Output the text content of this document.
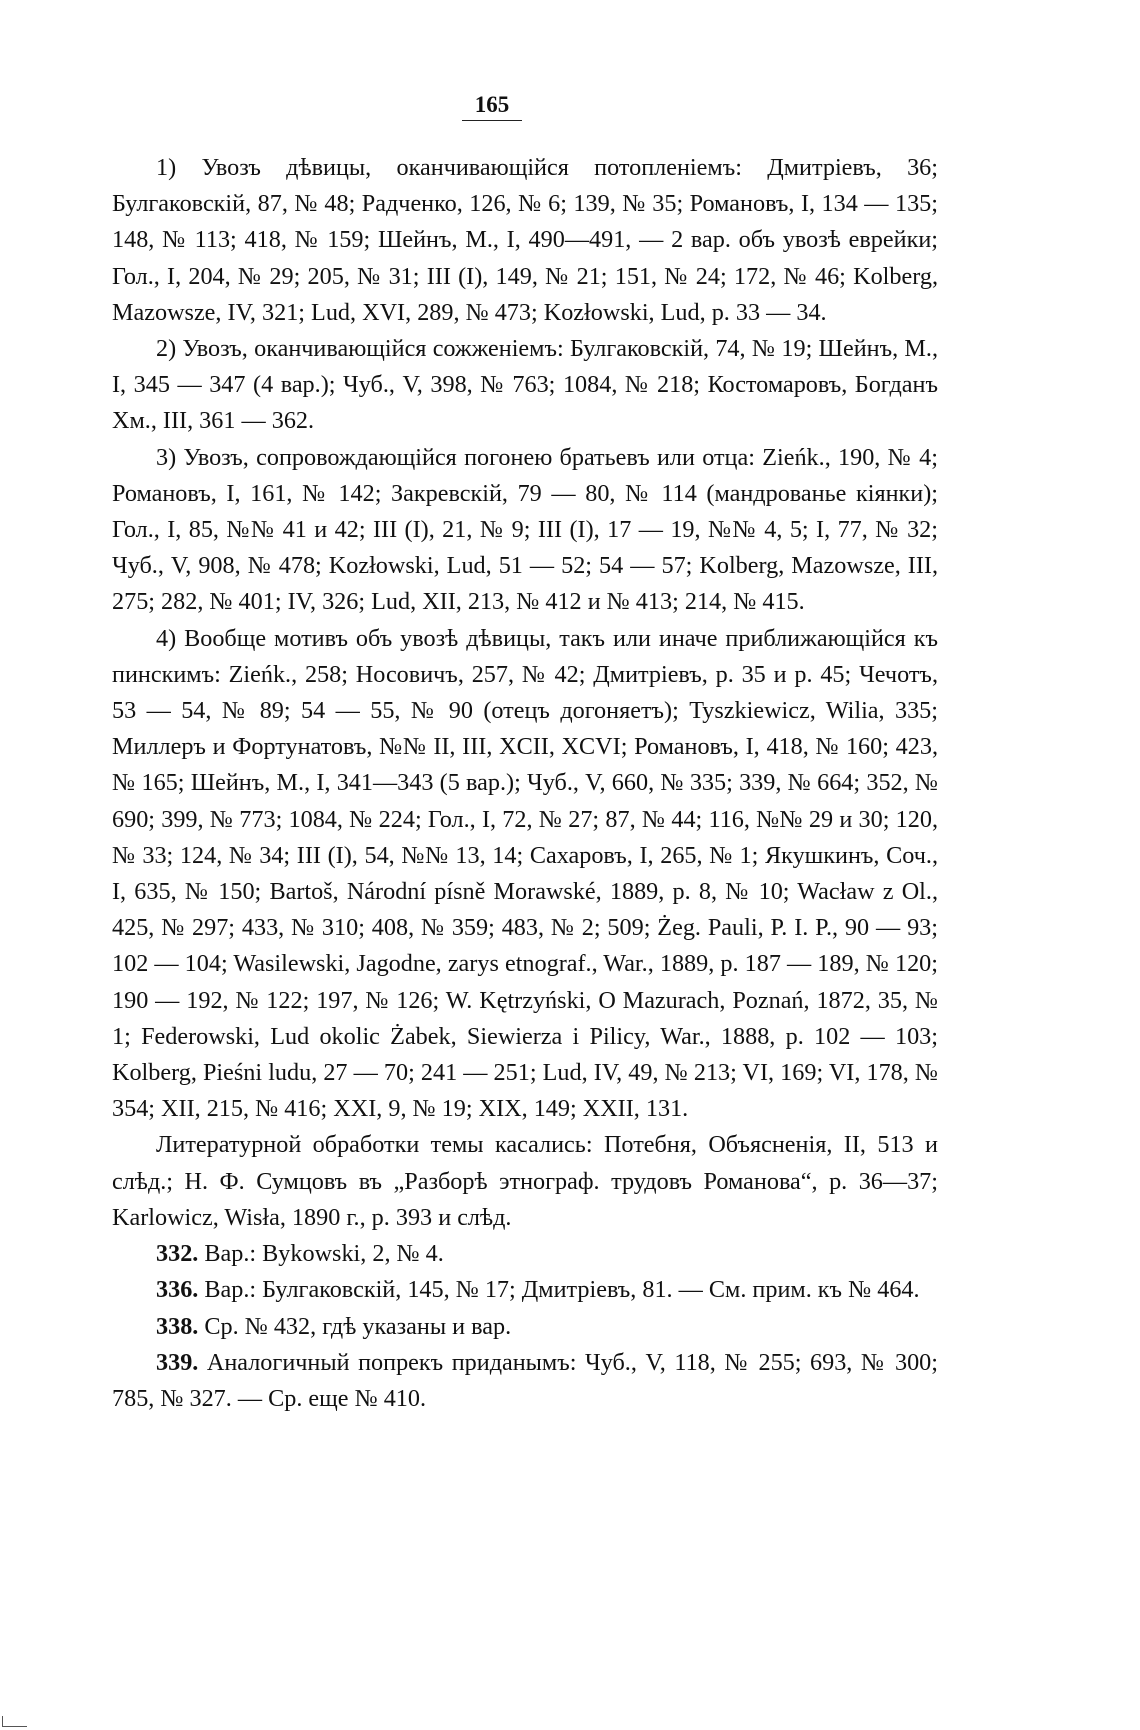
165

1) Увозъ дѣвицы, оканчивающійся потопленіемъ: Дмитріевъ, 36; Булгаковскій, 87, № 48; Радченко, 126, № 6; 139, № 35; Романовъ, I, 134 — 135; 148, № 113; 418, № 159; Шейнъ, М., I, 490—491, — 2 вар. объ увозѣ еврейки; Гол., I, 204, № 29; 205, № 31; III (I), 149, № 21; 151, № 24; 172, № 46; Kolberg, Mazowsze, IV, 321; Lud, XVI, 289, № 473; Kozłowski, Lud, p. 33 — 34.

2) Увозъ, оканчивающійся сожженіемъ: Булгаковскій, 74, № 19; Шейнъ, М., I, 345 — 347 (4 вар.); Чуб., V, 398, № 763; 1084, № 218; Костомаровъ, Богданъ Хм., III, 361 — 362.

3) Увозъ, сопровождающійся погонею братьевъ или отца: Zieńk., 190, № 4; Романовъ, I, 161, № 142; Закревскій, 79 — 80, № 114 (мандрованье кіянки); Гол., I, 85, №№ 41 и 42; III (I), 21, № 9; III (I), 17 — 19, №№ 4, 5; I, 77, № 32; Чуб., V, 908, № 478; Kozłowski, Lud, 51 — 52; 54 — 57; Kolberg, Mazowsze, III, 275; 282, № 401; IV, 326; Lud, XII, 213, № 412 и № 413; 214, № 415.

4) Вообще мотивъ объ увозѣ дѣвицы, такъ или иначе приближающійся къ пинскимъ: Zieńk., 258; Носовичъ, 257, № 42; Дмитріевъ, р. 35 и р. 45; Чечотъ, 53 — 54, № 89; 54 — 55, № 90 (отецъ догоняетъ); Tyszkiewicz, Wilia, 335; Миллеръ и Фортунатовъ, №№ II, III, XCII, XCVI; Романовъ, I, 418, № 160; 423, № 165; Шейнъ, М., I, 341—343 (5 вар.); Чуб., V, 660, № 335; 339, № 664; 352, № 690; 399, № 773; 1084, № 224; Гол., I, 72, № 27; 87, № 44; 116, №№ 29 и 30; 120, № 33; 124, № 34; III (I), 54, №№ 13, 14; Сахаровъ, I, 265, № 1; Якушкинъ, Соч., I, 635, № 150; Bartoš, Národní písně Morawské, 1889, p. 8, № 10; Wacław z Ol., 425, № 297; 433, № 310; 408, № 359; 483, № 2; 509; Żeg. Pauli, P. I. P., 90 — 93; 102 — 104; Wasilewski, Jagodne, zarys etnograf., War., 1889, p. 187 — 189, № 120; 190 — 192, № 122; 197, № 126; W. Kętrzyński, O Mazurach, Poznań, 1872, 35, № 1; Federowski, Lud okolic Żabek, Siewierza i Pilicy, War., 1888, p. 102 — 103; Kolberg, Pieśni ludu, 27 — 70; 241 — 251; Lud, IV, 49, № 213; VI, 169; VI, 178, № 354; XII, 215, № 416; XXI, 9, № 19; XIX, 149; XXII, 131.

Литературной обработки темы касались: Потебня, Объясненія, II, 513 и слѣд.; Н. Ф. Сумцовъ въ „Разборѣ этнограф. трудовъ Романова“, р. 36—37; Karlowicz, Wisła, 1890 г., р. 393 и слѣд.

332. Вар.: Bykowski, 2, № 4.

336. Вар.: Булгаковскій, 145, № 17; Дмитріевъ, 81. — См. прим. къ № 464.

338. Ср. № 432, гдѣ указаны и вар.

339. Аналогичный попрекъ приданымъ: Чуб., V, 118, № 255; 693, № 300; 785, № 327. — Ср. еще № 410.
